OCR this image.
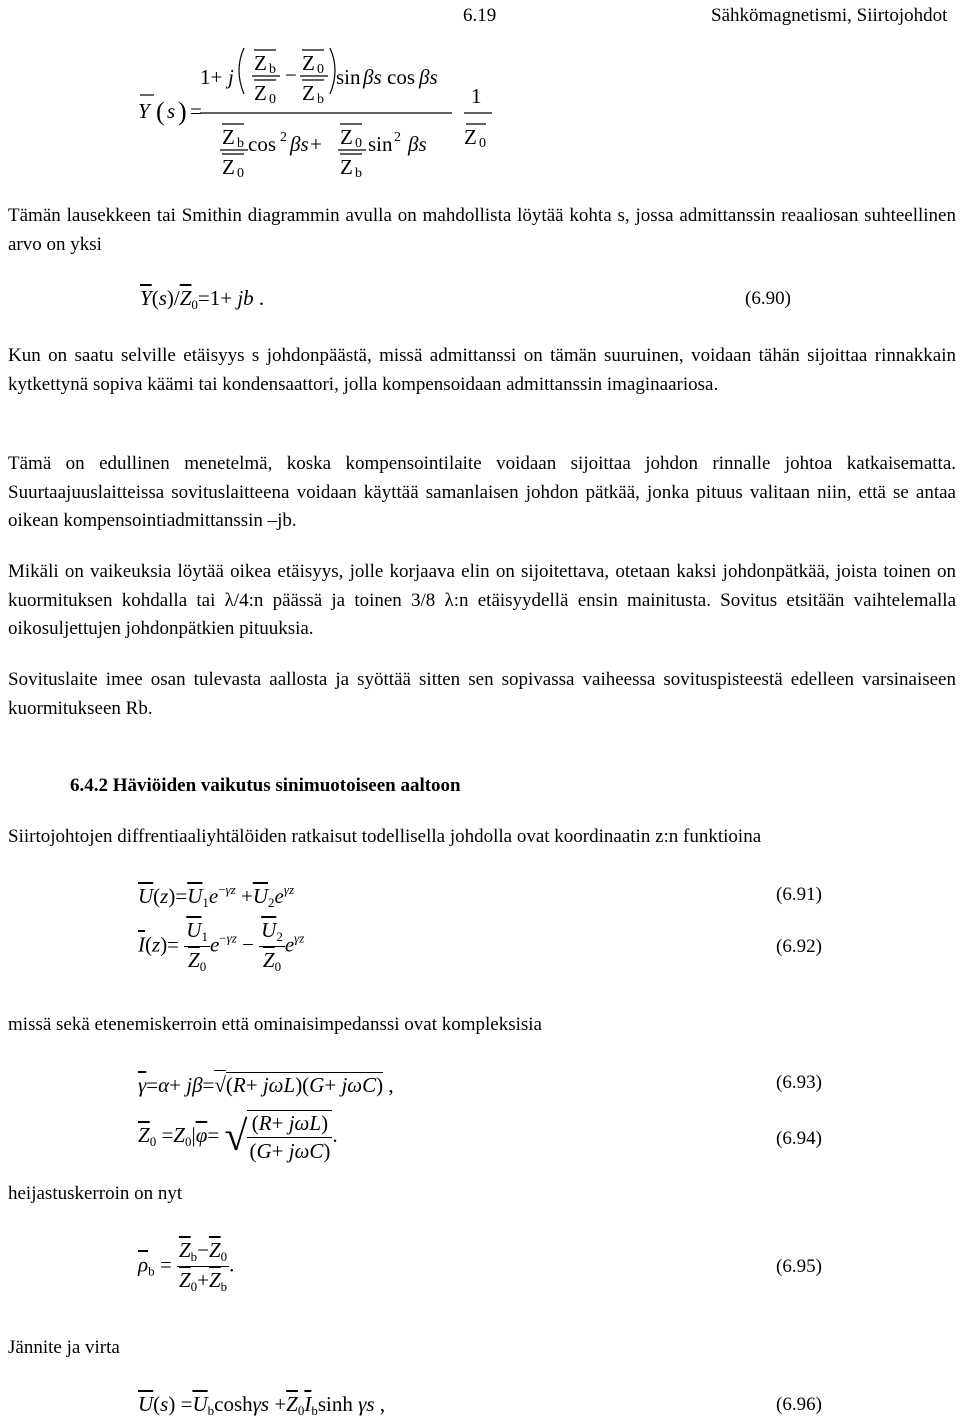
6.19	Sähkömagnetismi, Siirtojohdot
Y ( s ) =
1+ j
Z b
Z 0
− Z 0
Z b
sin βs cos βs
Z b
Z 0
cos 2 βs + Z 0
Z b
sin 2 βs
1
Z 0
Tämän lausekkeen tai Smithin diagrammin avulla on mahdollista löytää kohta s, jossa admittanssin reaaliosan suhteellinen arvo on yksi
$\overline{Y}(s)/\overline{Z}_0=1+$ jb .	(6.90)
Kun on saatu selville etäisyys s johdonpäästä, missä admittanssi on tämän suuruinen, voidaan tähän sijoittaa rinnakkain kytkettynä sopiva käämi tai kondensaattori, jolla kompensoidaan admittanssin imaginaariosa.
Tämä on edullinen menetelmä, koska kompensointilaite voidaan sijoittaa johdon rinnalle johtoa katkaisematta. Suurtaajuuslaitteissa sovituslaitteena voidaan käyttää samanlaisen johdon pätkää, jonka pituus valitaan niin, että se antaa oikean kompensointiadmittanssin –jb.
Mikäli on vaikeuksia löytää oikea etäisyys, jolle korjaava elin on sijoitettava, otetaan kaksi johdonpätkää, joista toinen on kuormituksen kohdalla tai λ/4:n päässä ja toinen 3/8 λ:n etäisyydellä ensin mainitusta. Sovitus etsitään vaihtelemalla oikosuljettujen johdonpätkien pituuksia.
Sovituslaite imee osan tulevasta aallosta ja syöttää sitten sen sopivassa vaiheessa sovituspisteestä edelleen varsinaiseen kuormitukseen Rb.
6.4.2 Häviöiden vaikutus sinimuotoiseen aaltoon
Siirtojohtojen diffrentiaaliyhtälöiden ratkaisut todellisella johdolla ovat koordinaatin z:n funktioina
$\overline{U}(z)=\overline{U}_1e^{-\gamma z} +\overline{U}_2e^{\gamma z}$	(6.91)
$\overline{I}(z)= \frac{\overline{U}_1}{\overline{Z}_0} e^{-\gamma z} - \frac{\overline{U}_2}{\overline{Z}_0} e^{\gamma z}$	(6.92)
missä sekä etenemiskerroin että ominaisimpedanssi ovat kompleksisia
$\overline{\gamma}=\alpha+ j\beta=√(R+ j\omega L)(G+ j\omega C)$ ,	(6.93)
$\overline{Z}_0 =Z_0|\overline{\varphi}=$ √ $\frac{\text{(R+ jωL)}}{\text{(G+ jωC)}}$ .	(6.94)
heijastuskerroin on nyt
$\overline{\rho}_b = \frac{\overline{Z}_b-\overline{Z}_0}{\overline{Z}_0+\overline{Z}_b}$ .	(6.95)
Jännite ja virta
$\overline{U}(s) =\overline{U}_b\cosh\gamma s +\overline{Z}_0\overline{I}_b\sinh$ γs ,	(6.96)
